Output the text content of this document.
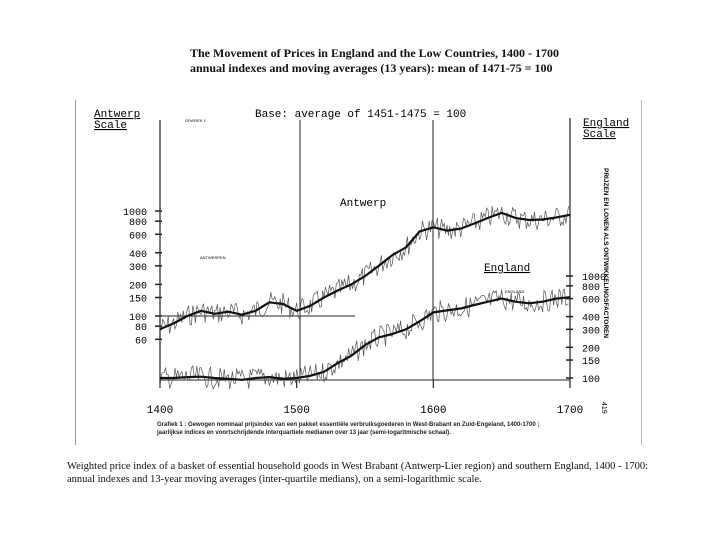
The Movement of Prices in England and the Low Countries, 1400 - 1700
annual indexes and moving averages (13 years): mean of 1471-75 = 100
Antwerp
Scale	GRAFIEK 1	Base: average of 1451-1475 = 100
England
Scale
PRIJZEN EN LONEN ALS ONTWIKKELINGSFACTOREN
419
1000
800
600
400
300
200
150
100
80
60
1000
800
600
400
300
200
150
100
1400	1500	1600	1700
Antwerp
ANTWERPEN
England
ENGLAND
Grafiek 1 : Gewogen nominaal prijsindex van een pakket essentiële verbruiksgoederen in West-Brabant en Zuid-Engeland, 1400-1700 ;
jaarlijkse indices en voortschrijdende interquartiele medianen over 13 jaar (semi-logaritmische schaal).
Weighted price index of a basket of essential household goods in West Brabant (Antwerp-Lier region) and southern England, 1400 - 1700:
annual indexes and 13-year moving averages (inter-quartile medians), on a semi-logarithmic scale.
